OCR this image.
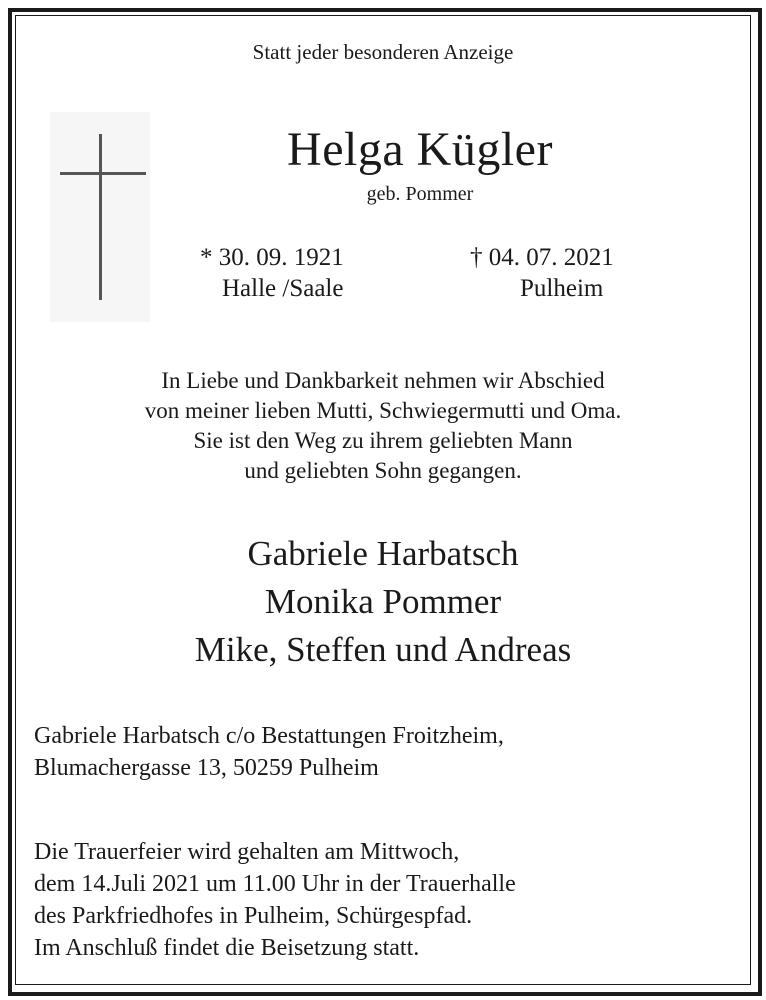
Statt jeder besonderen Anzeige
Helga Kügler
geb. Pommer
* 30. 09. 1921
Halle /Saale
† 04. 07. 2021
Pulheim
In Liebe und Dankbarkeit nehmen wir Abschied
von meiner lieben Mutti, Schwiegermutti und Oma.
Sie ist den Weg zu ihrem geliebten Mann
und geliebten Sohn gegangen.
Gabriele Harbatsch
Monika Pommer
Mike, Steffen und Andreas
Gabriele Harbatsch c/o Bestattungen Froitzheim,
Blumachergasse 13, 50259 Pulheim
Die Trauerfeier wird gehalten am Mittwoch,
dem 14.Juli 2021 um 11.00 Uhr in der Trauerhalle
des Parkfriedhofes in Pulheim, Schürgespfad.
Im Anschluß findet die Beisetzung statt.
